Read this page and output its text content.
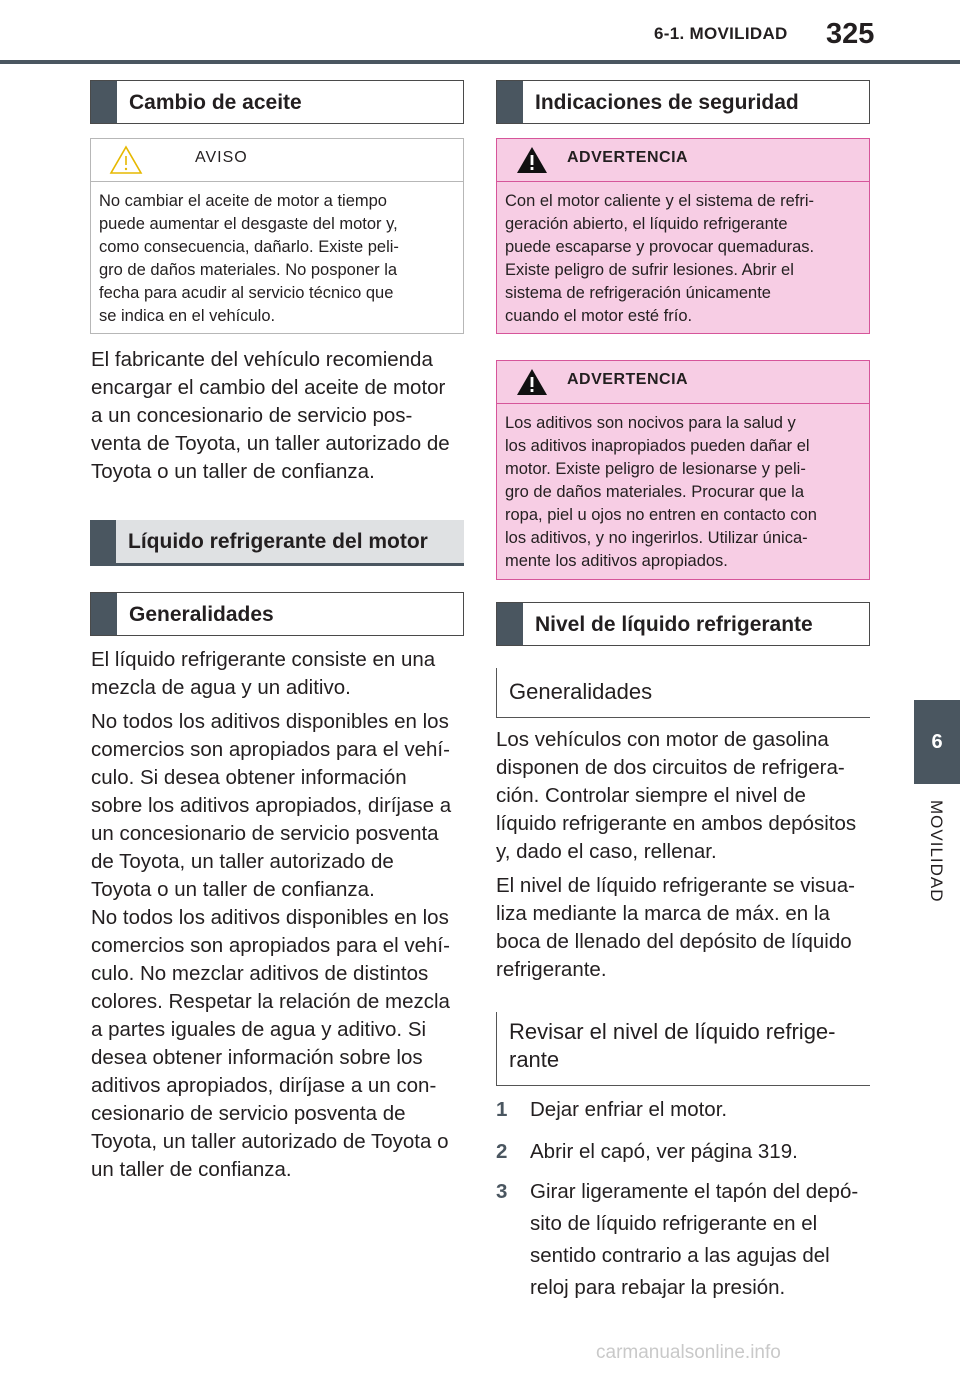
6-1. MOVILIDAD 325
6
MOVILIDAD
Cambio de aceite
AVISO
No cambiar el aceite de motor a tiempo
puede aumentar el desgaste del motor y,
como consecuencia, dañarlo. Existe peli-
gro de daños materiales. No posponer la
fecha para acudir al servicio técnico que
se indica en el vehículo.
El fabricante del vehículo recomienda
encargar el cambio del aceite de motor
a un concesionario de servicio pos-
venta de Toyota, un taller autorizado de
Toyota o un taller de confianza.
Líquido refrigerante del motor
Generalidades

El líquido refrigerante consiste en una
mezcla de agua y un aditivo.

No todos los aditivos disponibles en los
comercios son apropiados para el vehí-
culo. Si desea obtener información
sobre los aditivos apropiados, diríjase a
un concesionario de servicio posventa
de Toyota, un taller autorizado de
Toyota o un taller de confianza.
No todos los aditivos disponibles en los
comercios son apropiados para el vehí-
culo. No mezclar aditivos de distintos
colores. Respetar la relación de mezcla
a partes iguales de agua y aditivo. Si
desea obtener información sobre los
aditivos apropiados, diríjase a un con-
cesionario de servicio posventa de
Toyota, un taller autorizado de Toyota o
un taller de confianza.

Indicaciones de seguridad
ADVERTENCIA
Con el motor caliente y el sistema de refri-
geración abierto, el líquido refrigerante
puede escaparse y provocar quemaduras.
Existe peligro de sufrir lesiones. Abrir el
sistema de refrigeración únicamente
cuando el motor esté frío.
ADVERTENCIA
Los aditivos son nocivos para la salud y
los aditivos inapropiados pueden dañar el
motor. Existe peligro de lesionarse y peli-
gro de daños materiales. Procurar que la
ropa, piel u ojos no entren en contacto con
los aditivos, y no ingerirlos. Utilizar única-
mente los aditivos apropiados.
Nivel de líquido refrigerante
Generalidades

Los vehículos con motor de gasolina
disponen de dos circuitos de refrigera-
ción. Controlar siempre el nivel de
líquido refrigerante en ambos depósitos
y, dado el caso, rellenar.

El nivel de líquido refrigerante se visua-
liza mediante la marca de máx. en la
boca de llenado del depósito de líquido
refrigerante.

Revisar el nivel de líquido refrige-
rante
1 Dejar enfriar el motor.
2 Abrir el capó, ver página 319.
3 Girar ligeramente el tapón del depó-
sito de líquido refrigerante en el
sentido contrario a las agujas del
reloj para rebajar la presión.
carmanualsonline.info
